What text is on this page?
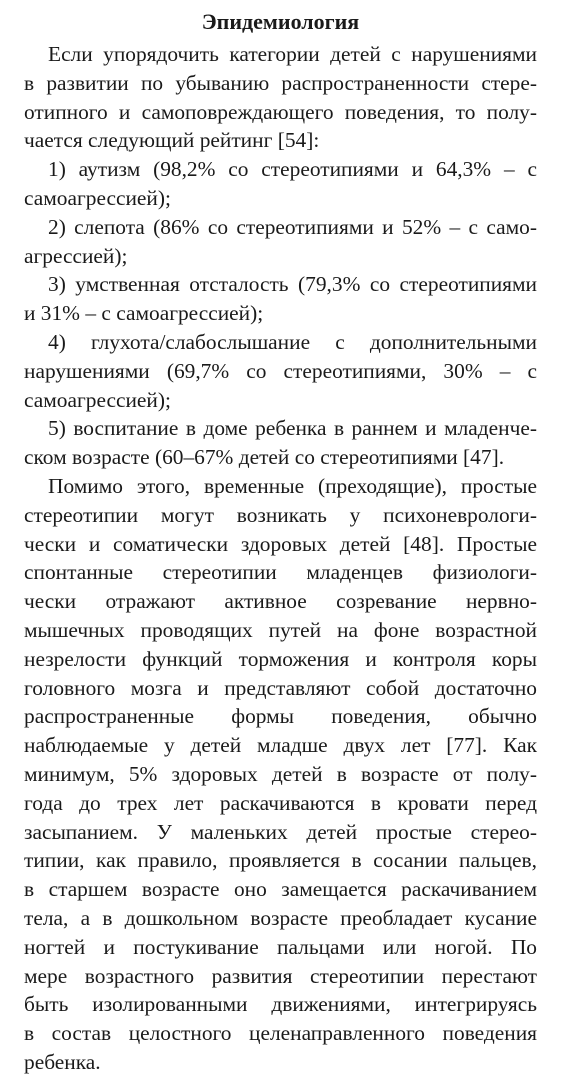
Эпидемиология
Если упорядочить категории детей с нарушениями
в развитии по убыванию распространенности стере-
отипного и самоповреждающего поведения, то полу-
чается следующий рейтинг [54]:
1) аутизм (98,2% со стереотипиями и 64,3% – с
самоагрессией);
2) слепота (86% со стереотипиями и 52% – с само-
агрессией);
3) умственная отсталость (79,3% со стереотипиями
и 31% – с самоагрессией);
4) глухота/слабослышание с дополнительными
нарушениями (69,7% со стереотипиями, 30% – с
самоагрессией);
5) воспитание в доме ребенка в раннем и младенче-
ском возрасте (60–67% детей со стереотипиями [47].
Помимо этого, временные (преходящие), простые
стереотипии могут возникать у психоневрологи-
чески и соматически здоровых детей [48]. Простые
спонтанные стереотипии младенцев физиологи-
чески отражают активное созревание нервно-
мышечных проводящих путей на фоне возрастной
незрелости функций торможения и контроля коры
головного мозга и представляют собой достаточно
распространенные формы поведения, обычно
наблюдаемые у детей младше двух лет [77]. Как
минимум, 5% здоровых детей в возрасте от полу-
года до трех лет раскачиваются в кровати перед
засыпанием. У маленьких детей простые стерео-
типии, как правило, проявляется в сосании пальцев,
в старшем возрасте оно замещается раскачиванием
тела, а в дошкольном возрасте преобладает кусание
ногтей и постукивание пальцами или ногой. По
мере возрастного развития стереотипии перестают
быть изолированными движениями, интегрируясь
в состав целостного целенаправленного поведения
ребенка.
